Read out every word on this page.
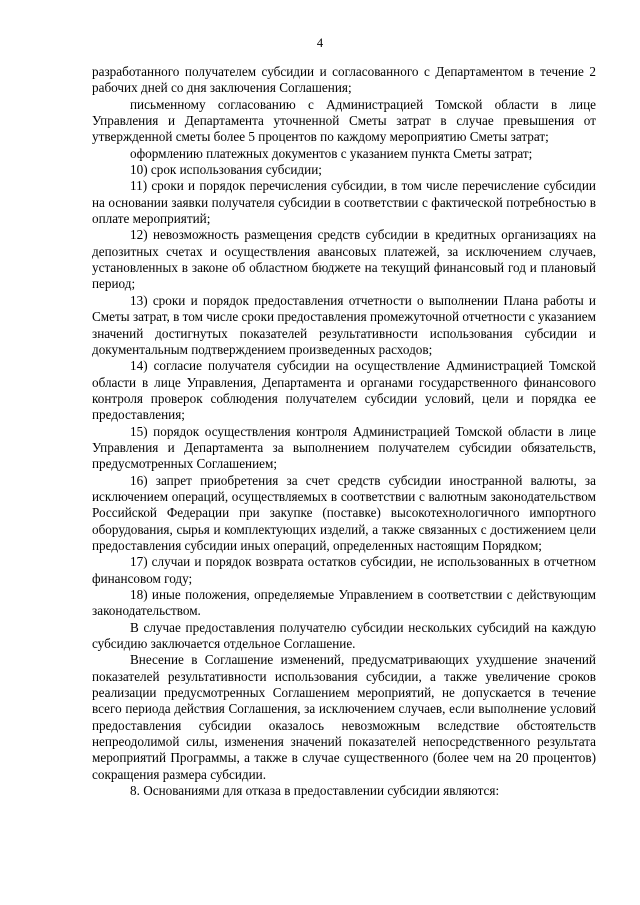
4

разработанного получателем субсидии и согласованного с Департаментом в течение 2 рабочих дней со дня заключения Соглашения;

письменному согласованию с Администрацией Томской области в лице Управления и Департамента уточненной Сметы затрат в случае превышения от утвержденной сметы более 5 процентов по каждому мероприятию Сметы затрат;

оформлению платежных документов с указанием пункта Сметы затрат;

10) срок использования субсидии;

11) сроки и порядок перечисления субсидии, в том числе перечисление субсидии на основании заявки получателя субсидии в соответствии с фактической потребностью в оплате мероприятий;

12) невозможность размещения средств субсидии в кредитных организациях на депозитных счетах и осуществления авансовых платежей, за исключением случаев, установленных в законе об областном бюджете на текущий финансовый год и плановый период;

13) сроки и порядок предоставления отчетности о выполнении Плана работы и Сметы затрат, в том числе сроки предоставления промежуточной отчетности с указанием значений достигнутых показателей результативности использования субсидии и документальным подтверждением произведенных расходов;

14) согласие получателя субсидии на осуществление Администрацией Томской области в лице Управления, Департамента и органами государственного финансового контроля проверок соблюдения получателем субсидии условий, цели и порядка ее предоставления;

15) порядок осуществления контроля Администрацией Томской области в лице Управления и Департамента за выполнением получателем субсидии обязательств, предусмотренных Соглашением;

16) запрет приобретения за счет средств субсидии иностранной валюты, за исключением операций, осуществляемых в соответствии с валютным законодательством Российской Федерации при закупке (поставке) высокотехнологичного импортного оборудования, сырья и комплектующих изделий, а также связанных с достижением цели предоставления субсидии иных операций, определенных настоящим Порядком;

17) случаи и порядок возврата остатков субсидии, не использованных в отчетном финансовом году;

18) иные положения, определяемые Управлением в соответствии с действующим законодательством.

В случае предоставления получателю субсидии нескольких субсидий на каждую субсидию заключается отдельное Соглашение.

Внесение в Соглашение изменений, предусматривающих ухудшение значений показателей результативности использования субсидии, а также увеличение сроков реализации предусмотренных Соглашением мероприятий, не допускается в течение всего периода действия Соглашения, за исключением случаев, если выполнение условий предоставления субсидии оказалось невозможным вследствие обстоятельств непреодолимой силы, изменения значений показателей непосредственного результата мероприятий Программы, а также в случае существенного (более чем на 20 процентов) сокращения размера субсидии.

8. Основаниями для отказа в предоставлении субсидии являются:
